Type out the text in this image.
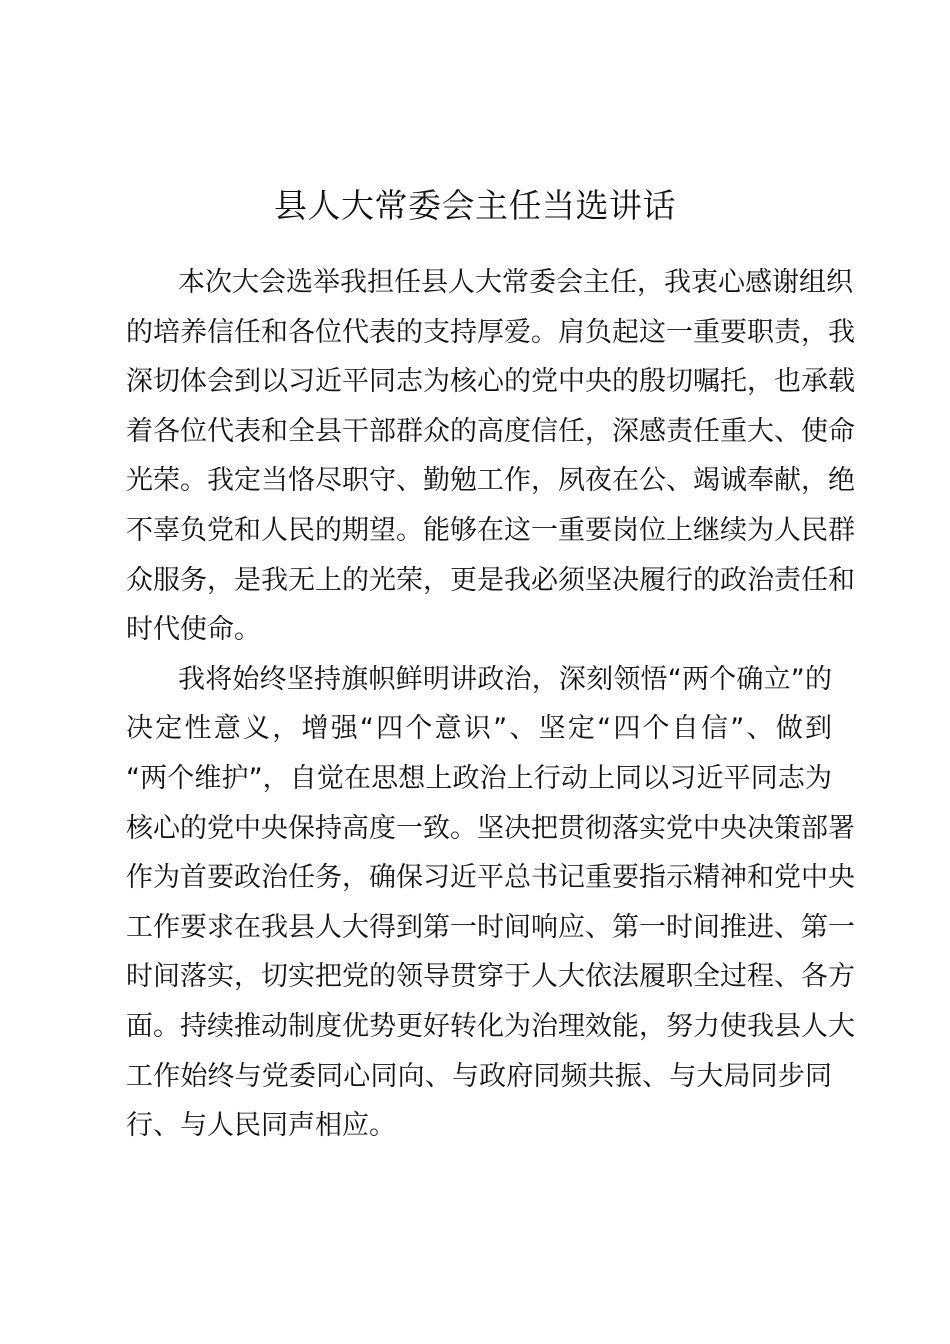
县人大常委会主任当选讲话
本次大会选举我担任县人大常委会主任，我衷心感谢组织
的培养信任和各位代表的支持厚爱。肩负起这一重要职责，我
深切体会到以习近平同志为核心的党中央的殷切嘱托，也承载
着各位代表和全县干部群众的高度信任，深感责任重大、使命
光荣。我定当恪尽职守、勤勉工作，夙夜在公、竭诚奉献，绝
不辜负党和人民的期望。能够在这一重要岗位上继续为人民群
众服务，是我无上的光荣，更是我必须坚决履行的政治责任和
时代使命。
我将始终坚持旗帜鲜明讲政治，深刻领悟“两个确立”的
决定性意义，增强“四个意识”、坚定“四个自信”、做到
“两个维护”，自觉在思想上政治上行动上同以习近平同志为
核心的党中央保持高度一致。坚决把贯彻落实党中央决策部署
作为首要政治任务，确保习近平总书记重要指示精神和党中央
工作要求在我县人大得到第一时间响应、第一时间推进、第一
时间落实，切实把党的领导贯穿于人大依法履职全过程、各方
面。持续推动制度优势更好转化为治理效能，努力使我县人大
工作始终与党委同心同向、与政府同频共振、与大局同步同
行、与人民同声相应。
